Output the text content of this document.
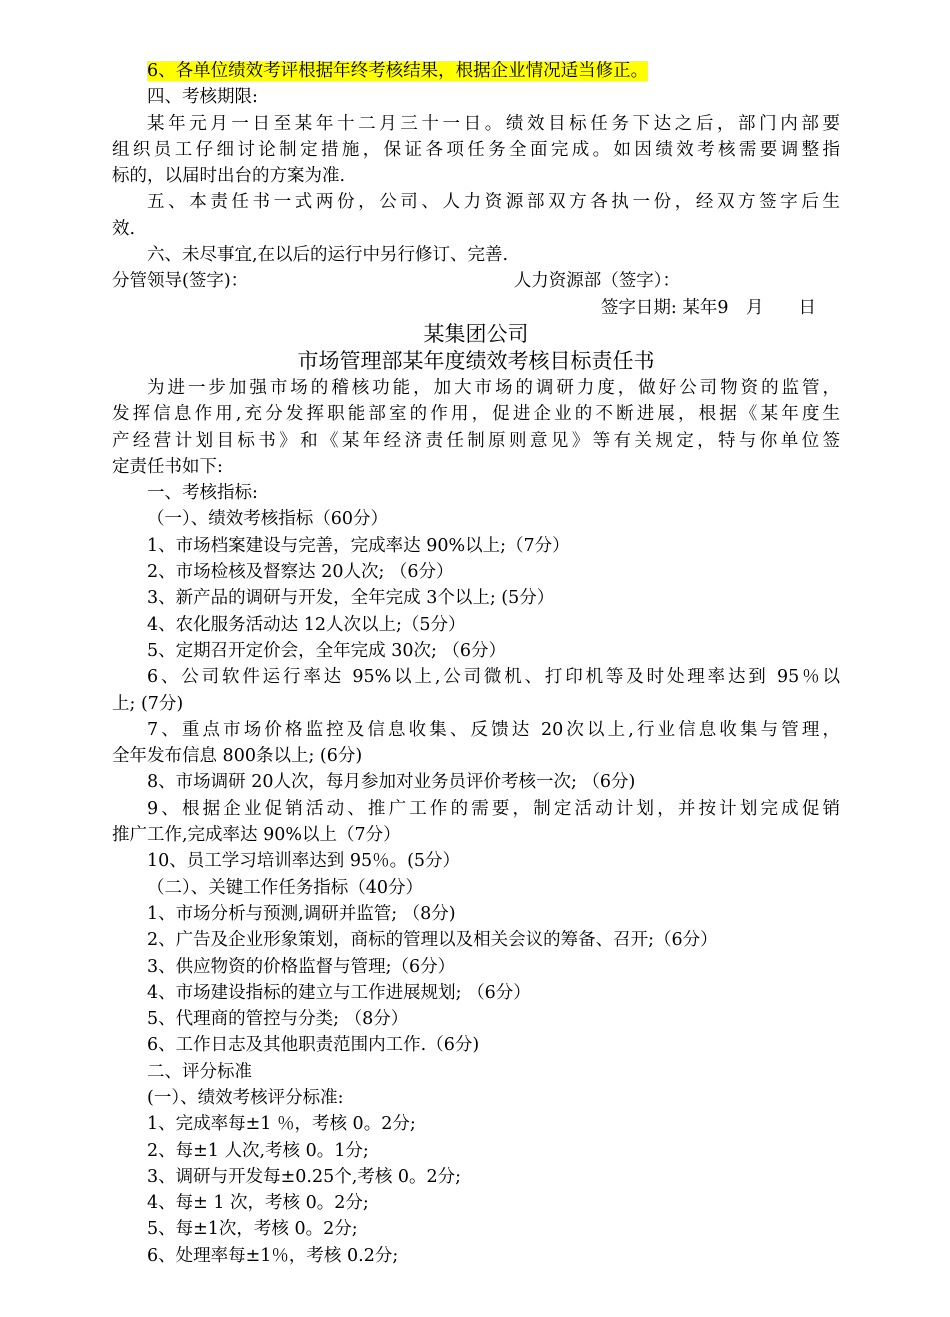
6、各单位绩效考评根据年终考核结果，根据企业情况适当修正。
四、考核期限:
某年元月一日至某年十二月三十一日。绩效目标任务下达之后，部门内部要
组织员工仔细讨论制定措施，保证各项任务全面完成。如因绩效考核需要调整指
标的，以届时出台的方案为准.
五、本责任书一式两份，公司、人力资源部双方各执一份，经双方签字后生
效.
六、未尽事宜,在以后的运行中另行修订、完善.
分管领导(签字)：	人力资源部（签字）：
签字日期: 某年9　月　　日
某集团公司
市场管理部某年度绩效考核目标责任书
为进一步加强市场的稽核功能，加大市场的调研力度，做好公司物资的监管，
发挥信息作用,充分发挥职能部室的作用，促进企业的不断进展，根据《某年度生
产经营计划目标书》和《某年经济责任制原则意见》等有关规定，特与你单位签
定责任书如下:
一、考核指标:
（一）、绩效考核指标（60分）
1、市场档案建设与完善，完成率达 90%以上;（7分）
2、市场检核及督察达 20人次; （6分）
3、新产品的调研与开发，全年完成 3个以上; (5分）
4、农化服务活动达 12人次以上;（5分）
5、定期召开定价会，全年完成 30次; （6分）
6、公司软件运行率达 95%以上,公司微机、打印机等及时处理率达到 95％以
上; (7分)
7、重点市场价格监控及信息收集、反馈达 20次以上,行业信息收集与管理，
全年发布信息 800条以上; (6分)
8、市场调研 20人次，每月参加对业务员评价考核一次; （6分)
9、根据企业促销活动、推广工作的需要，制定活动计划，并按计划完成促销
推广工作,完成率达 90%以上（7分）
10、员工学习培训率达到 95％。(5分）
（二）、关键工作任务指标（40分）
1、市场分析与预测,调研并监管; （8分)
2、广告及企业形象策划，商标的管理以及相关会议的筹备、召开;（6分）
3、供应物资的价格监督与管理;（6分）
4、市场建设指标的建立与工作进展规划; （6分）
5、代理商的管控与分类; （8分）
6、工作日志及其他职责范围内工作.（6分)
二、评分标准
(一）、绩效考核评分标准:
1、完成率每±1 ％，考核 0。2分;
2、每±1 人次,考核 0。1分;
3、调研与开发每±0.25个,考核 0。2分;
4、每± 1 次，考核 0。2分;
5、每±1次，考核 0。2分;
6、处理率每±1％，考核 0.2分;
